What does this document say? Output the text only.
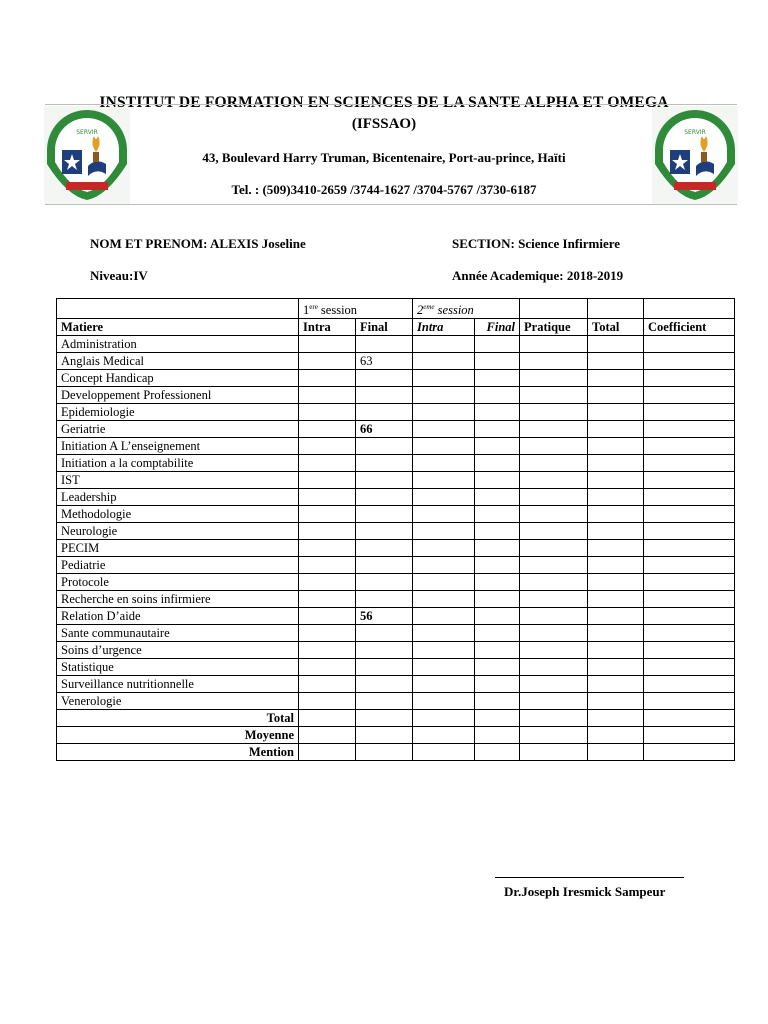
SERVIR	SERVIR
INSTITUT DE FORMATION EN SCIENCES DE LA SANTE ALPHA ET OMEGA
(IFSSAO)
43, Boulevard Harry Truman, Bicentenaire, Port-au-prince, Haïti
Tel. : (509)3410-2659 /3744-1627 /3704-5767 /3730-6187
NOM ET PRENOM: ALEXIS Joseline	SECTION: Science Infirmiere
Niveau:IV	Année Academique: 2018-2019
	1ere session		2eme session				
Matiere	Intra	Final	Intra	Final	Pratique	Total	Coefficient
Administration							
Anglais Medical		63					
Concept Handicap							
Developpement Professionenl							
Epidemiologie							
Geriatrie		66					
Initiation A L’enseignement							
Initiation a la comptabilite							
IST							
Leadership							
Methodologie							
Neurologie							
PECIM							
Pediatrie							
Protocole							
Recherche en soins infirmiere							
Relation D’aide		56					
Sante communautaire							
Soins d’urgence							
Statistique							
Surveillance nutritionnelle							
Venerologie							
Total							
Moyenne							
Mention							
Dr.Joseph Iresmick Sampeur
